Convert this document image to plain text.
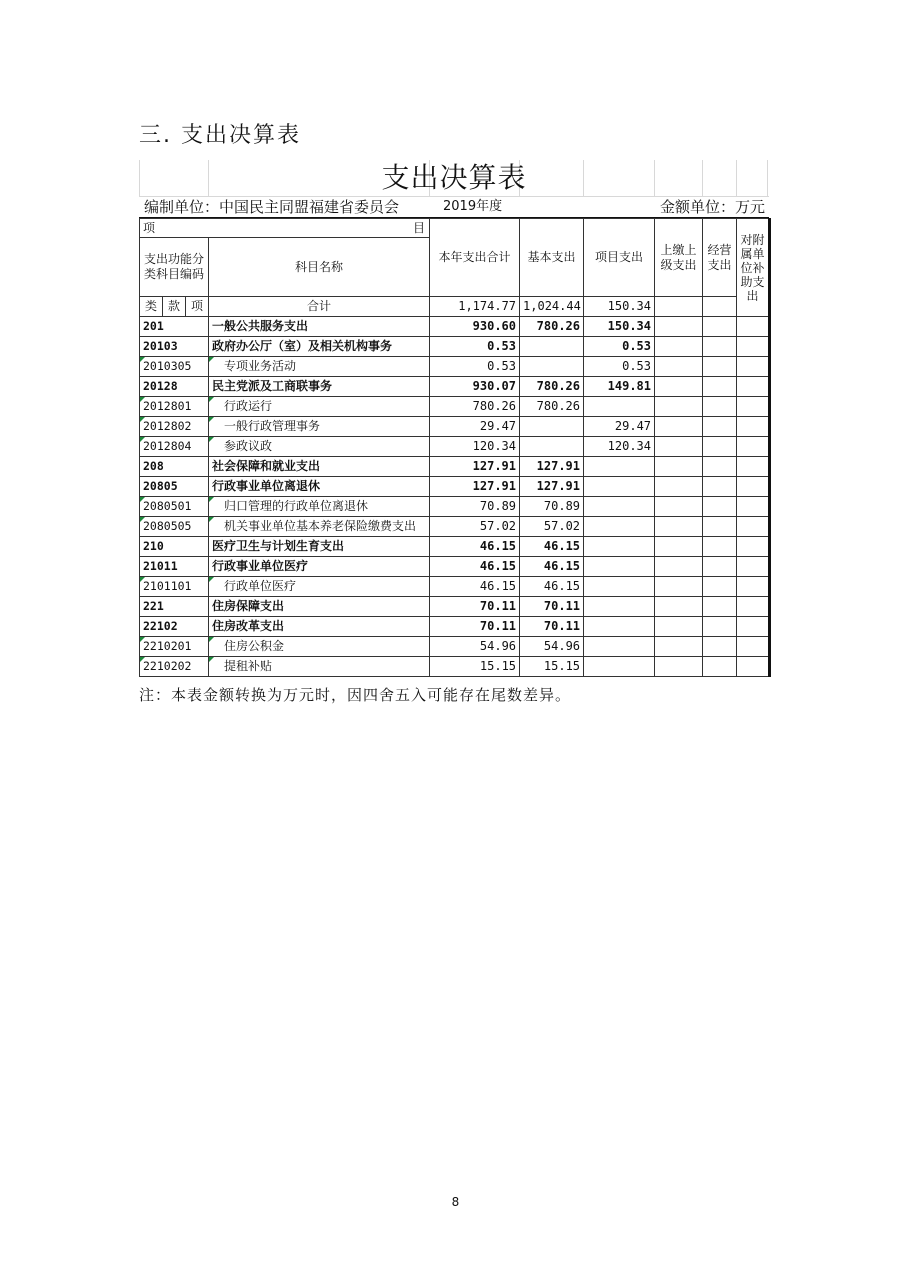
三. 支出决算表
支出决算表
编制单位：中国民主同盟福建省委员会	2019年度	金额单位：万元
项 目				本年支出合计	基本支出	项目支出	上缴上级支出	经营支出	对附属单位补助支出
支出功能分类科目编码			科目名称						
类	款	项	合计	1,174.77	1,024.44	150.34			
201			一般公共服务支出	930.60	780.26	150.34			
20103			政府办公厅（室）及相关机构事务	0.53		0.53			
2010305			专项业务活动	0.53		0.53			
20128			民主党派及工商联事务	930.07	780.26	149.81			
2012801			行政运行	780.26	780.26				
2012802			一般行政管理事务	29.47		29.47			
2012804			参政议政	120.34		120.34			
208			社会保障和就业支出	127.91	127.91				
20805			行政事业单位离退休	127.91	127.91				
2080501			归口管理的行政单位离退休	70.89	70.89				
2080505			机关事业单位基本养老保险缴费支出	57.02	57.02				
210			医疗卫生与计划生育支出	46.15	46.15				
21011			行政事业单位医疗	46.15	46.15				
2101101			行政单位医疗	46.15	46.15				
221			住房保障支出	70.11	70.11				
22102			住房改革支出	70.11	70.11				
2210201			住房公积金	54.96	54.96				
2210202			提租补贴	15.15	15.15				
注：本表金额转换为万元时，因四舍五入可能存在尾数差异。
8
